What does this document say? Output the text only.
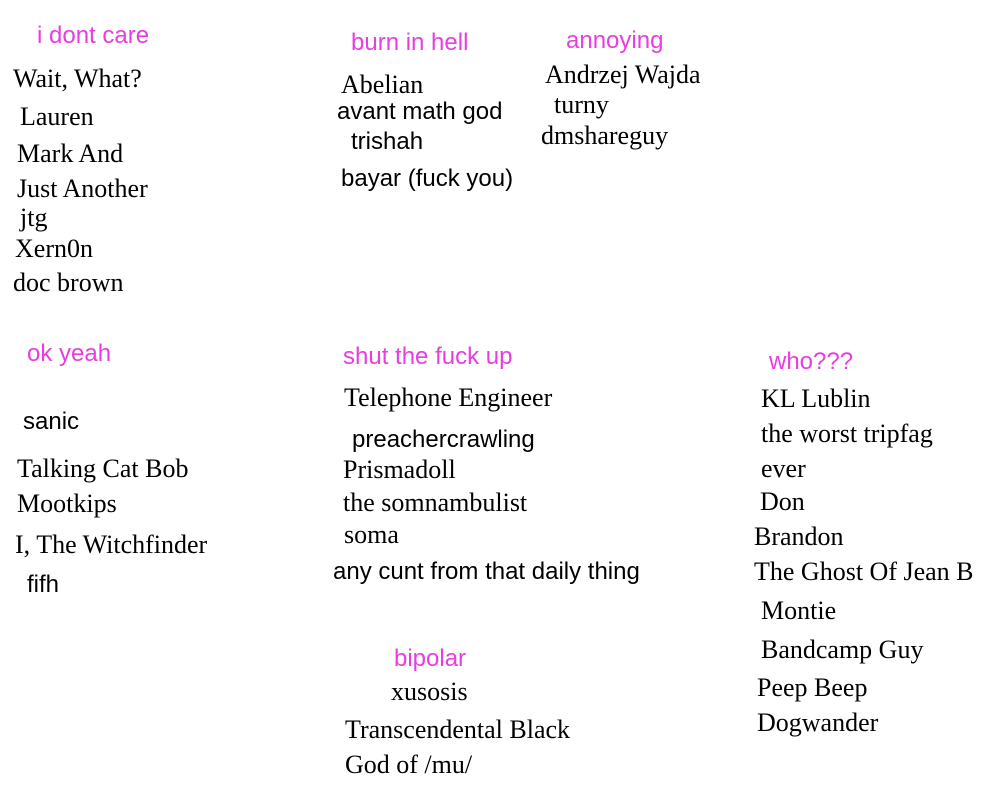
i dont care
Wait, What?
Lauren
Mark And
Just Another
jtg
Xern0n
doc brown
burn in hell
Abelian
avant math god
trishah
bayar (fuck you)
annoying
Andrzej Wajda
turny
dmshareguy
ok yeah
sanic
Talking Cat Bob
Mootkips
I, The Witchfinder
fifh
shut the fuck up
Telephone Engineer
preachercrawling
Prismadoll
the somnambulist
soma
any cunt from that daily thing
who???
KL Lublin
the worst tripfag
ever
Don
Brandon
The Ghost Of Jean B
Montie
Bandcamp Guy
Peep Beep
Dogwander
bipolar
xusosis
Transcendental Black
God of /mu/
